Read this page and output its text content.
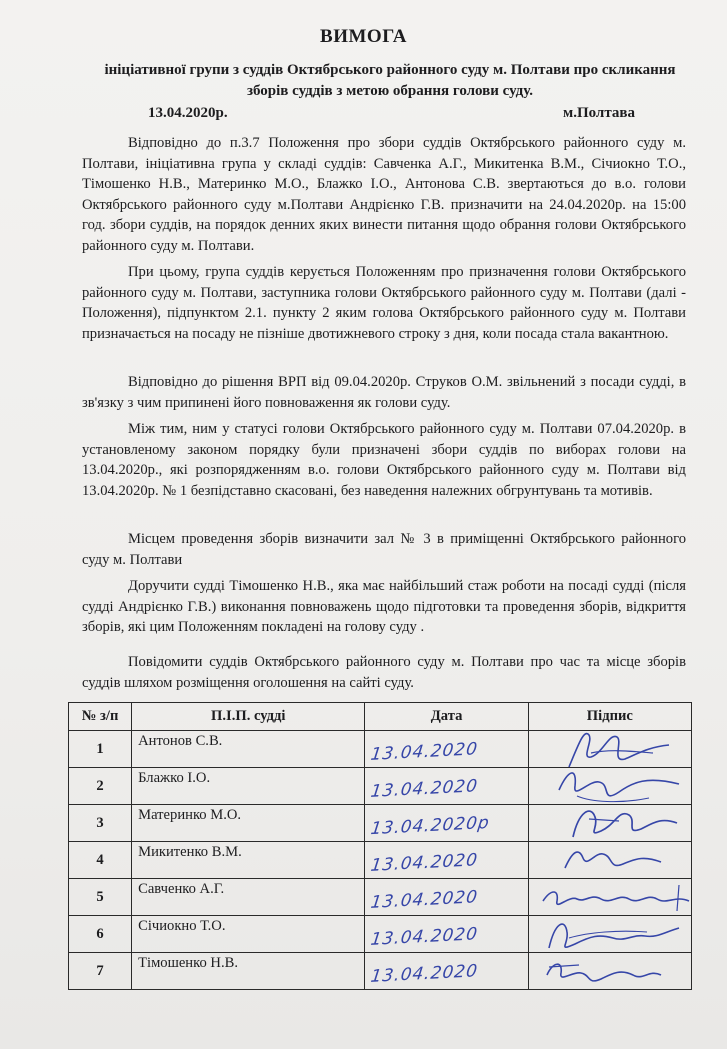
ВИМОГА
ініціативної групи з суддів Октябрського районного суду м. Полтави про скликання зборів суддів з метою обрання голови суду.
13.04.2020р.	м.Полтава

Відповідно до п.3.7 Положення про збори суддів Октябрського районного суду м. Полтави, ініціативна група у складі суддів: Савченка А.Г., Микитенка В.М., Січиокно Т.О., Тімошенко Н.В., Материнко М.О., Блажко І.О., Антонова С.В. звертаються до в.о. голови Октябрського районного суду м.Полтави Андрієнко Г.В. призначити на 24.04.2020р. на 15:00 год. збори суддів, на порядок денних яких винести питання щодо обрання голови Октябрського районного суду м. Полтави.

При цьому, група суддів керується Положенням про призначення голови Октябрського районного суду м. Полтави, заступника голови Октябрського районного суду м. Полтави (далі - Положення), підпунктом 2.1. пункту 2 яким голова Октябрського районного суду м. Полтави призначається на посаду не пізніше двотижневого строку з дня, коли посада стала вакантною.

Відповідно до рішення ВРП від 09.04.2020р. Струков О.М. звільнений з посади судді, в зв'язку з чим припинені його повноваження як голови суду.

Між тим, ним у статусі голови Октябрського районного суду м. Полтави 07.04.2020р. в установленому законом порядку були призначені збори суддів по виборах голови на 13.04.2020р., які розпорядженням в.о. голови Октябрського районного суду м. Полтави від 13.04.2020р. № 1 безпідставно скасовані, без наведення належних обгрунтувань та мотивів.

Місцем проведення зборів визначити зал № 3 в приміщенні Октябрського районного суду м. Полтави

Доручити судді Тімошенко Н.В., яка має найбільший стаж роботи на посаді судді (після судді Андрієнко Г.В.) виконання повноважень щодо підготовки та проведення зборів, відкриття зборів, які цим Положенням покладені на голову суду .

Повідомити суддів Октябрського районного суду м. Полтави про час та місце зборів суддів шляхом розміщення оголошення на сайті суду.

№ з/п	П.І.П. судді	Дата	Підпис
1	Антонов С.В.	13.04.2020	

2	Блажко І.О.	13.04.2020	

3	Материнко М.О.	13.04.2020р	

4	Микитенко В.М.	13.04.2020	

5	Савченко А.Г.	13.04.2020	

6	Січиокно Т.О.	13.04.2020	

7	Тімошенко Н.В.	13.04.2020	
